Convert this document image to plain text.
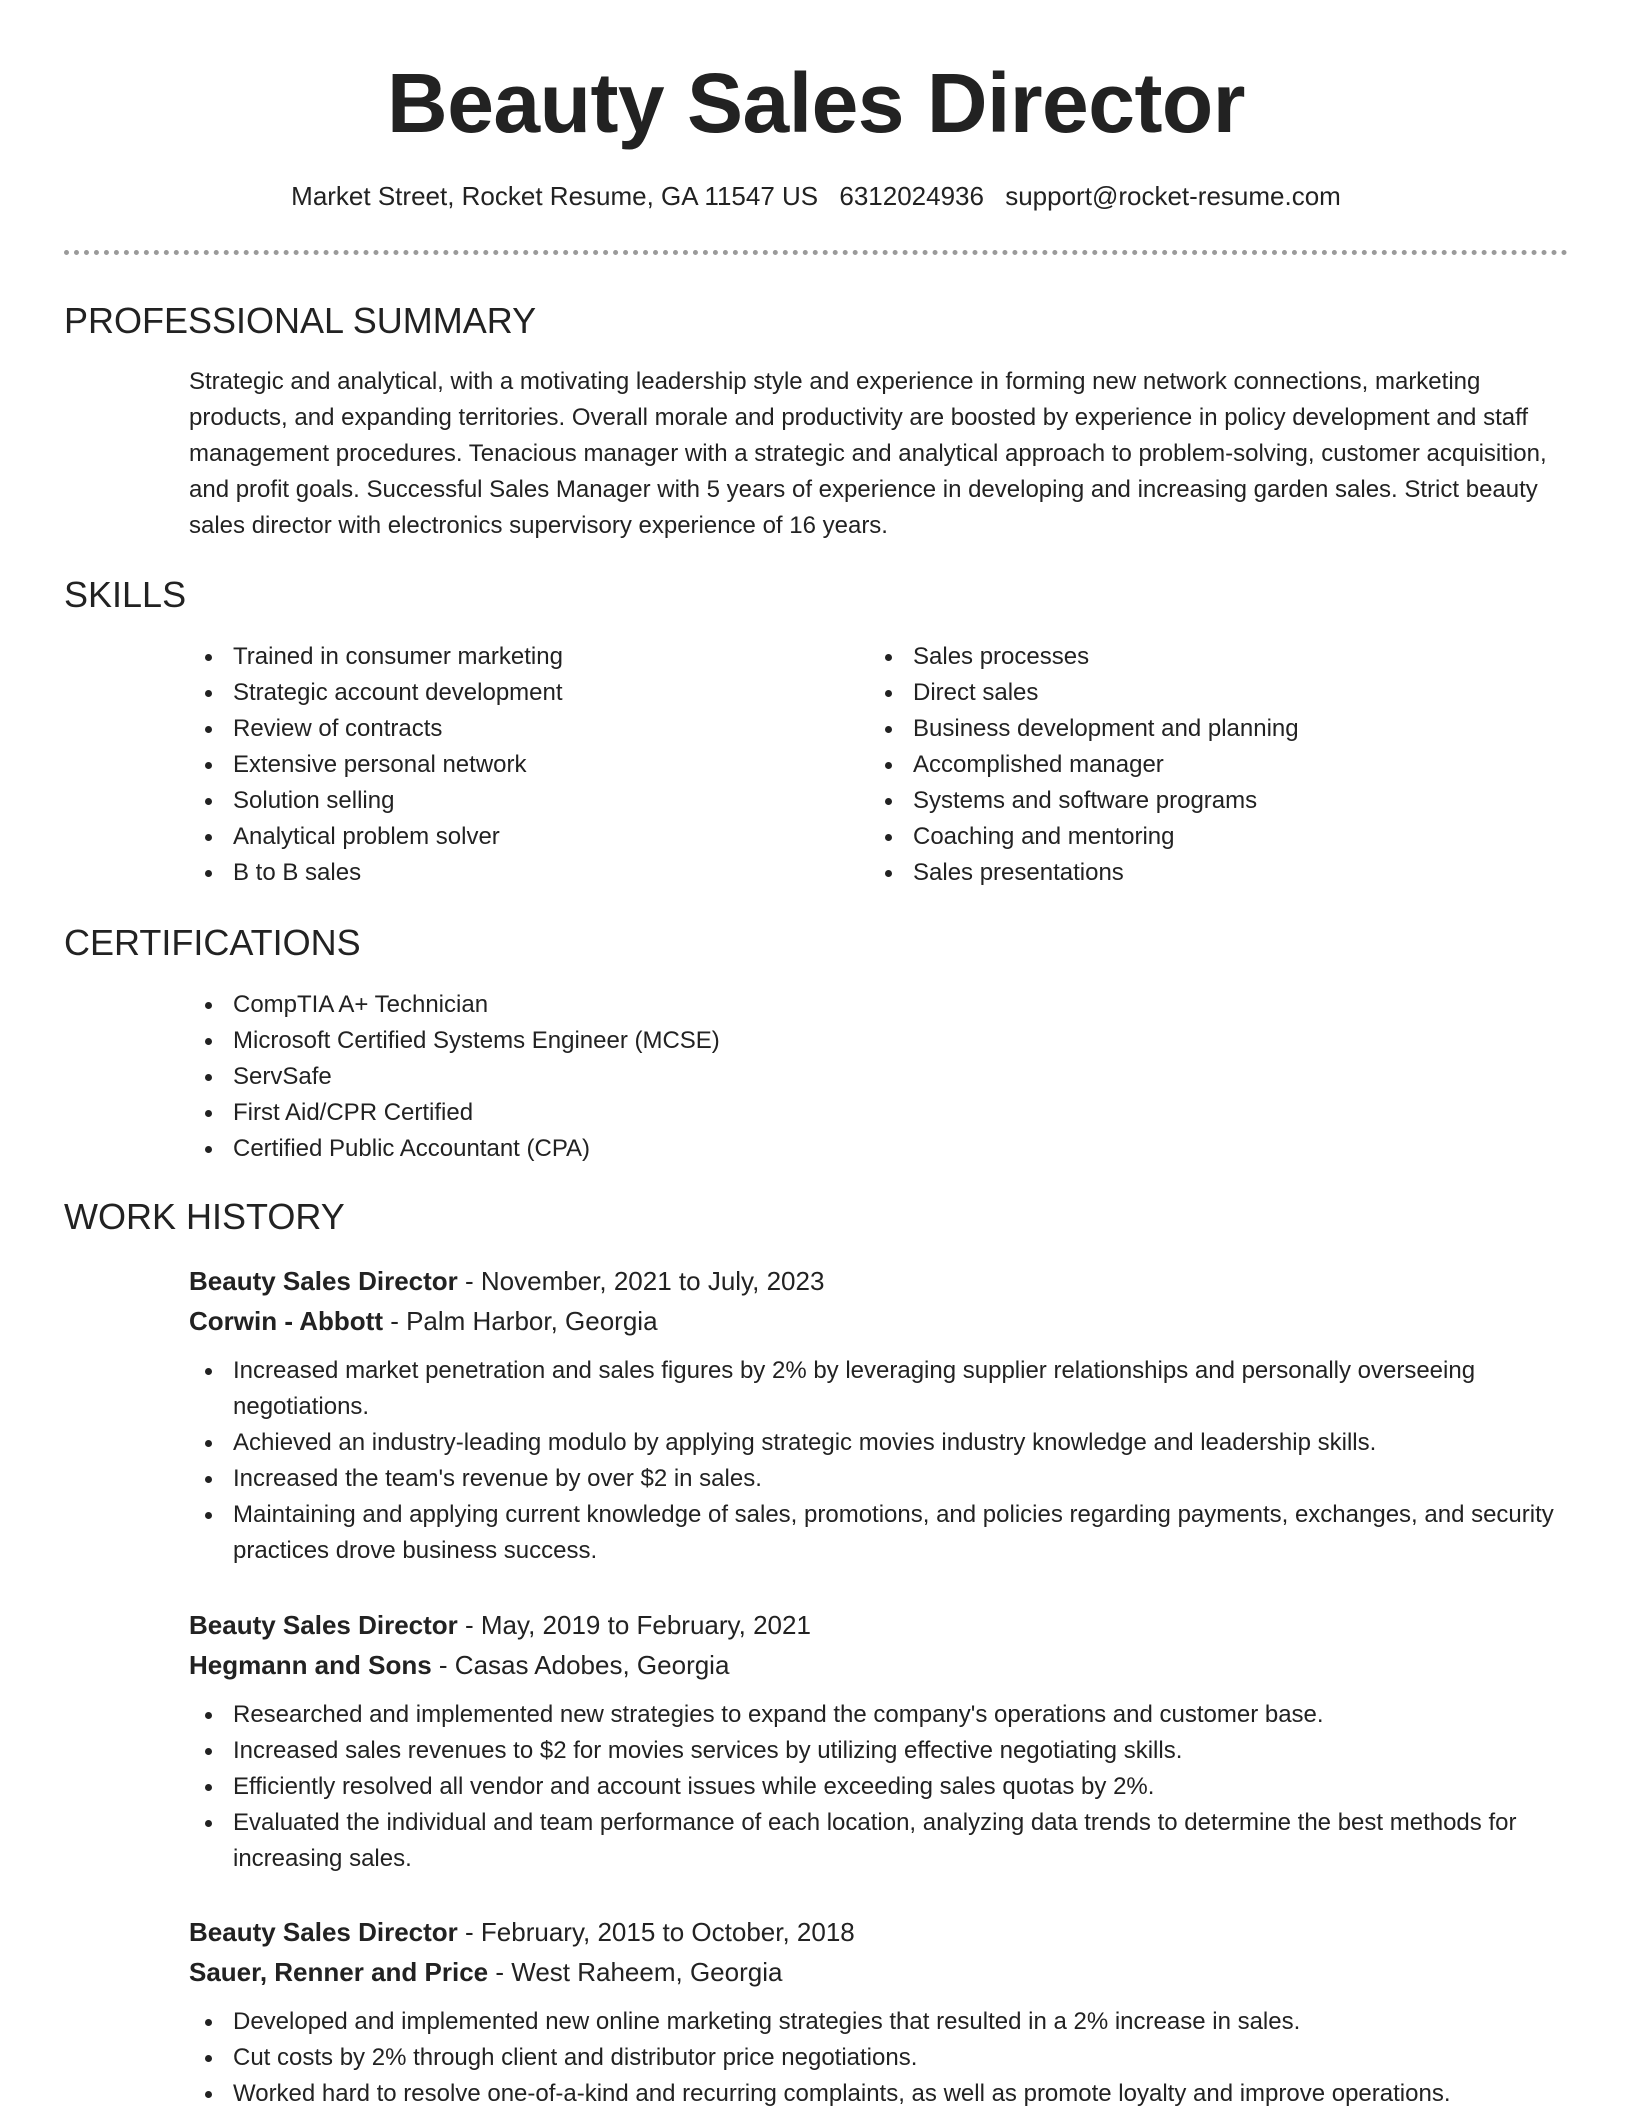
Beauty Sales Director
Market Street, Rocket Resume, GA 11547 US 6312024936 support@rocket-resume.com
PROFESSIONAL SUMMARY

Strategic and analytical, with a motivating leadership style and experience in forming new network connections, marketing products, and expanding territories. Overall morale and productivity are boosted by experience in policy development and staff management procedures. Tenacious manager with a strategic and analytical approach to problem-solving, customer acquisition, and profit goals. Successful Sales Manager with 5 years of experience in developing and increasing garden sales. Strict beauty sales director with electronics supervisory experience of 16 years.

SKILLS
Trained in consumer marketing
Strategic account development
Review of contracts
Extensive personal network
Solution selling
Analytical problem solver
B to B sales
Sales processes
Direct sales
Business development and planning
Accomplished manager
Systems and software programs
Coaching and mentoring
Sales presentations
CERTIFICATIONS
CompTIA A+ Technician
Microsoft Certified Systems Engineer (MCSE)
ServSafe
First Aid/CPR Certified
Certified Public Accountant (CPA)
WORK HISTORY
Beauty Sales Director - November, 2021 to July, 2023
Corwin - Abbott - Palm Harbor, Georgia
Increased market penetration and sales figures by 2% by leveraging supplier relationships and personally overseeing negotiations.
Achieved an industry-leading modulo by applying strategic movies industry knowledge and leadership skills.
Increased the team's revenue by over $2 in sales.
Maintaining and applying current knowledge of sales, promotions, and policies regarding payments, exchanges, and security practices drove business success.
Beauty Sales Director - May, 2019 to February, 2021
Hegmann and Sons - Casas Adobes, Georgia
Researched and implemented new strategies to expand the company's operations and customer base.
Increased sales revenues to $2 for movies services by utilizing effective negotiating skills.
Efficiently resolved all vendor and account issues while exceeding sales quotas by 2%.
Evaluated the individual and team performance of each location, analyzing data trends to determine the best methods for increasing sales.
Beauty Sales Director - February, 2015 to October, 2018
Sauer, Renner and Price - West Raheem, Georgia
Developed and implemented new online marketing strategies that resulted in a 2% increase in sales.
Cut costs by 2% through client and distributor price negotiations.
Worked hard to resolve one-of-a-kind and recurring complaints, as well as promote loyalty and improve operations.
